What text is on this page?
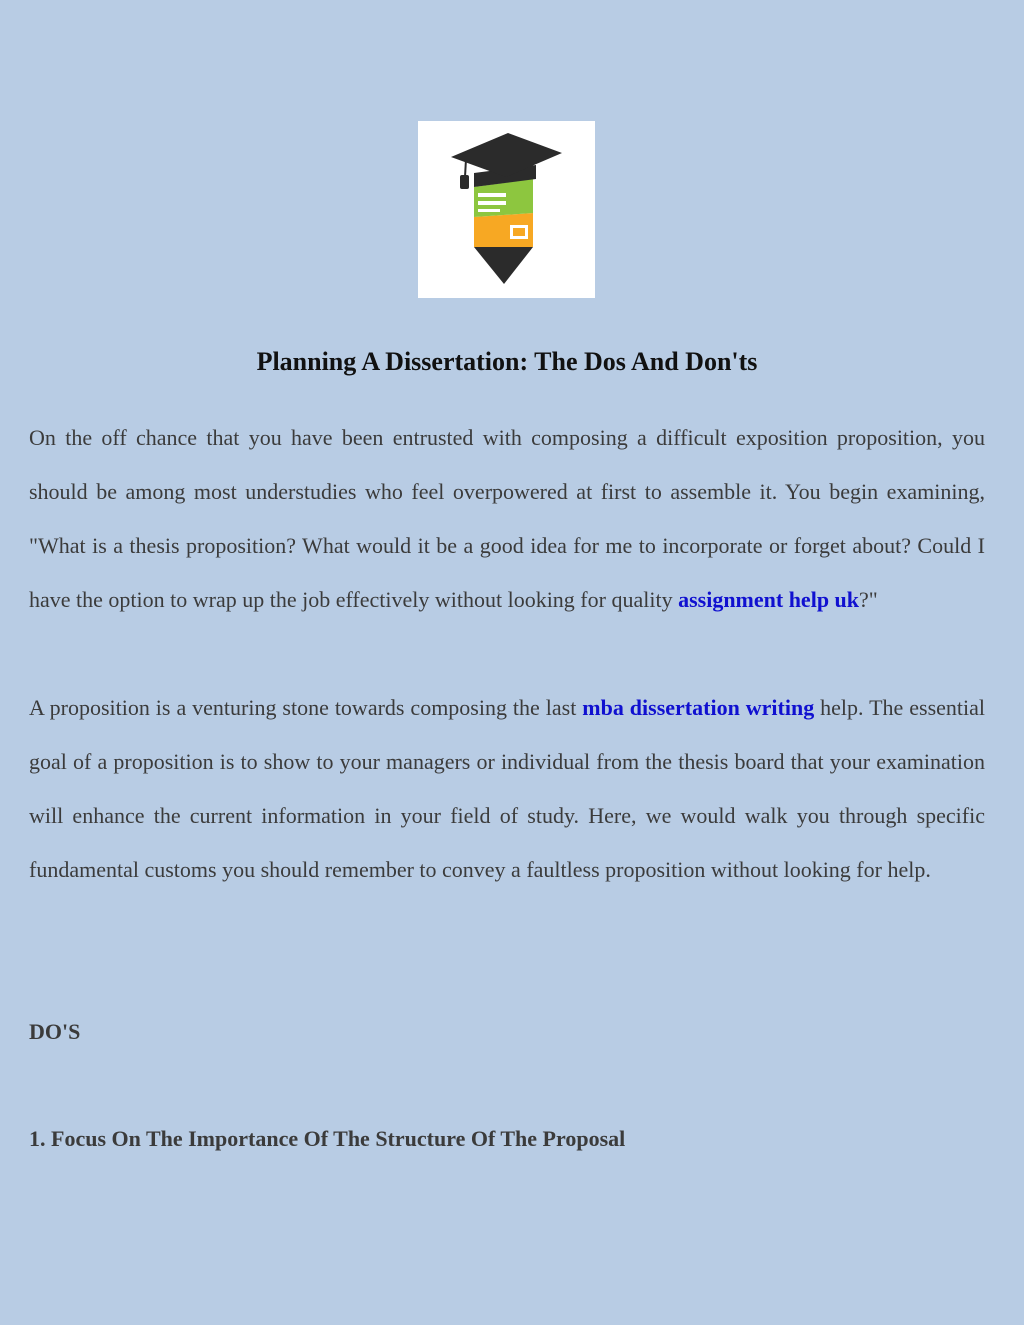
Planning A Dissertation: The Dos And Don'ts

On the off chance that you have been entrusted with composing a difficult exposition proposition, you should be among most understudies who feel overpowered at first to assemble it. You begin examining, "What is a thesis proposition? What would it be a good idea for me to incorporate or forget about? Could I have the option to wrap up the job effectively without looking for quality assignment help uk?"

A proposition is a venturing stone towards composing the last mba dissertation writing help. The essential goal of a proposition is to show to your managers or individual from the thesis board that your examination will enhance the current information in your field of study. Here, we would walk you through specific fundamental customs you should remember to convey a faultless proposition without looking for help.

DO'S
1. Focus On The Importance Of The Structure Of The Proposal
